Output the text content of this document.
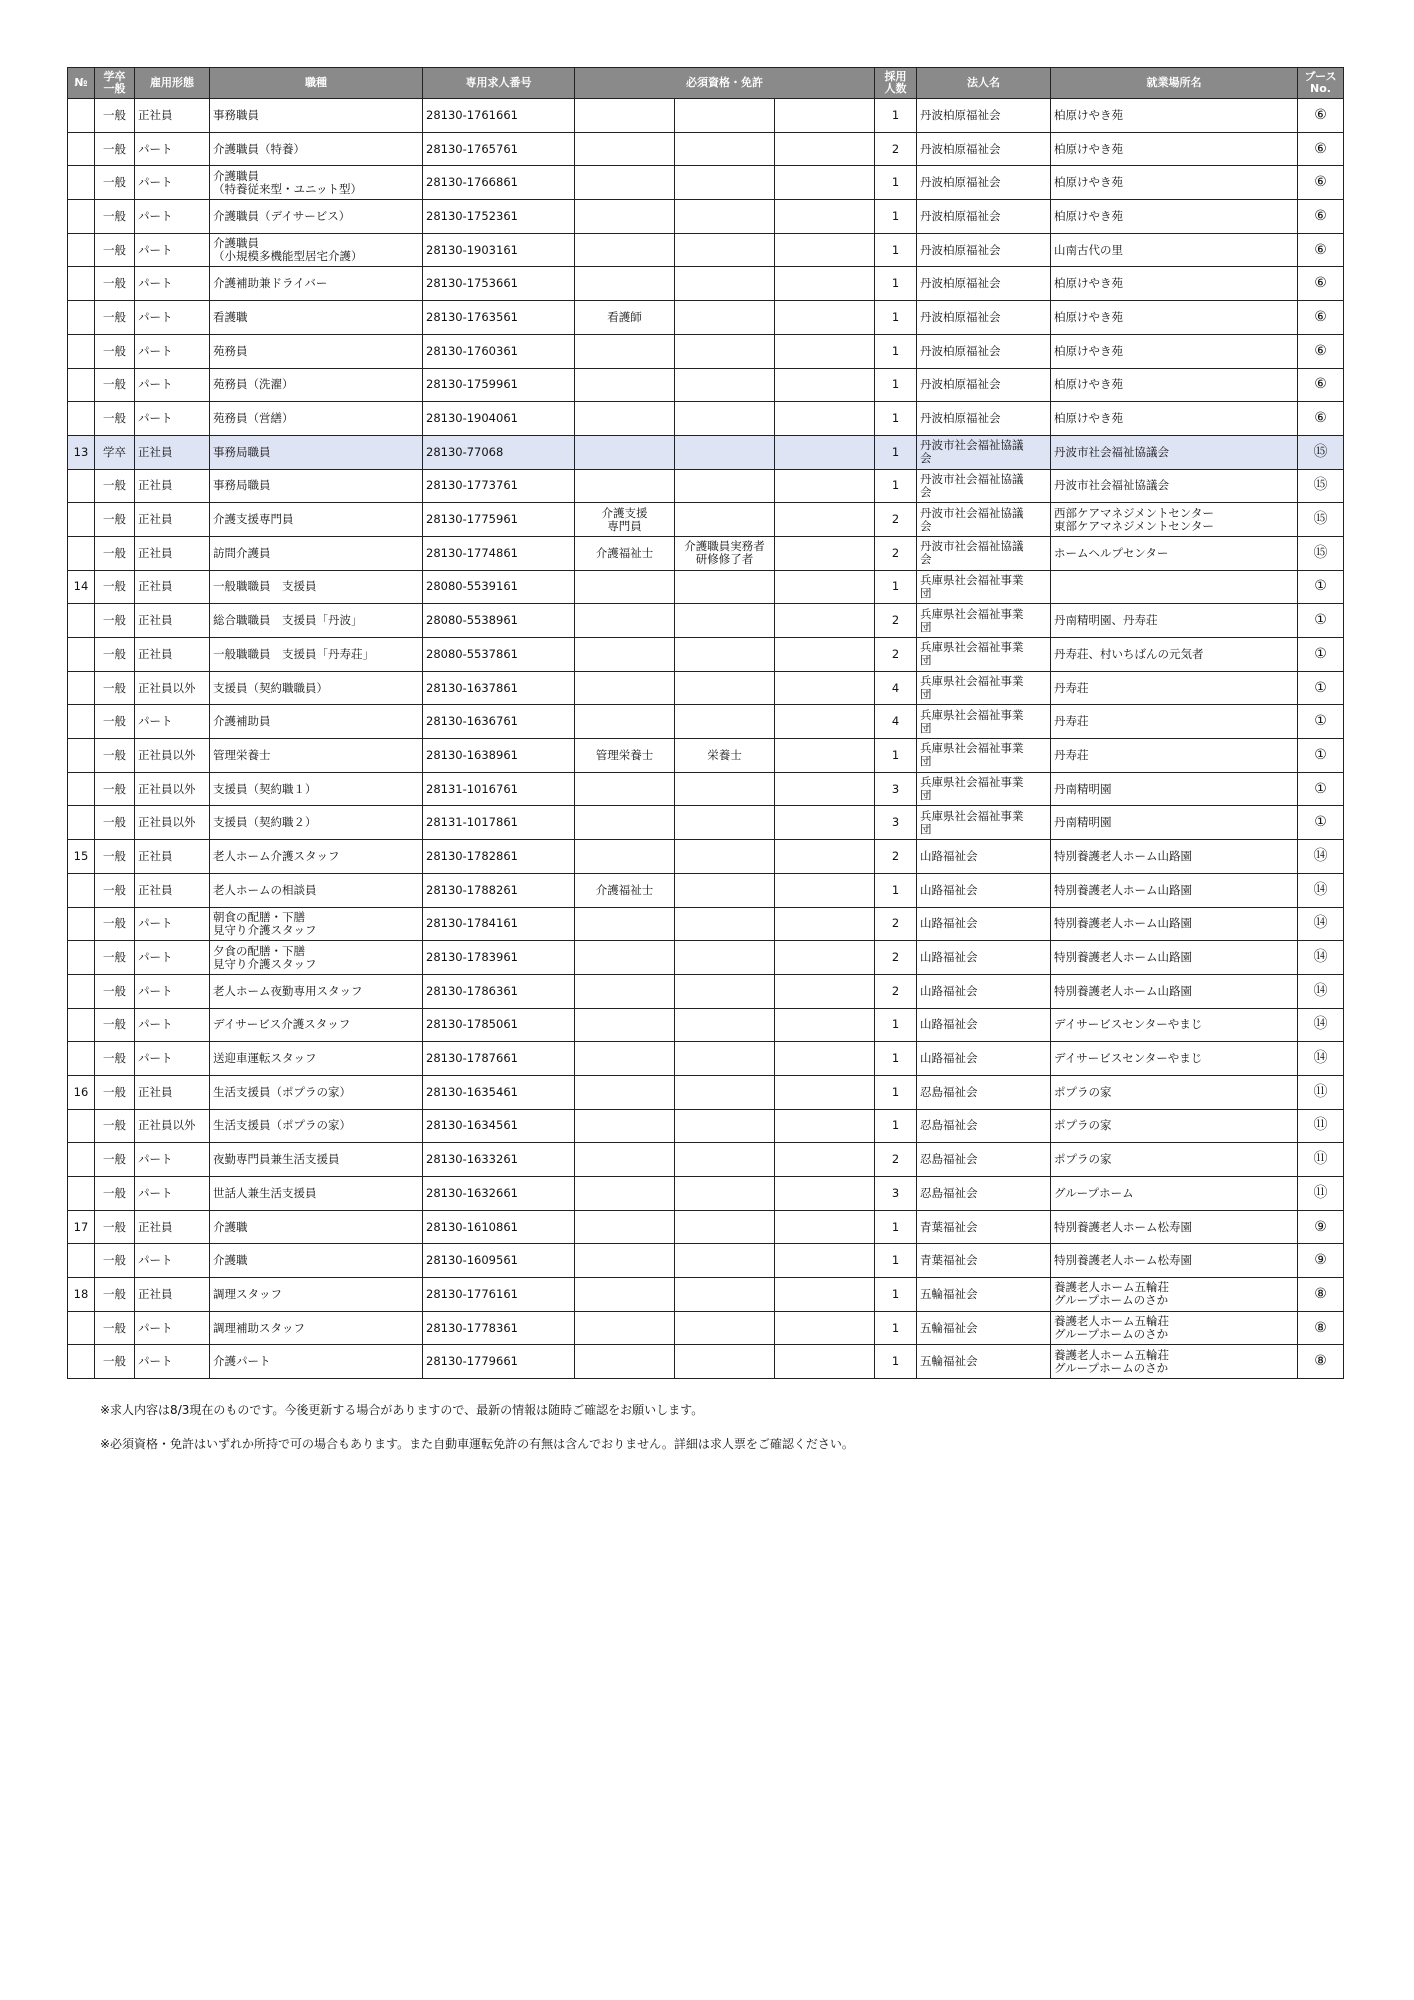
№	学卒
一般	雇用形態	職種	専用求人番号	必須資格・免許			採用
人数	法人名	就業場所名	ブース
No.
	一般	正社員	事務職員	28130-1761661				1	丹波柏原福祉会	柏原けやき苑	⑥
	一般	パート	介護職員（特養）	28130-1765761				2	丹波柏原福祉会	柏原けやき苑	⑥
	一般	パート	介護職員
（特養従来型・ユニット型）	28130-1766861				1	丹波柏原福祉会	柏原けやき苑	⑥
	一般	パート	介護職員（デイサービス）	28130-1752361				1	丹波柏原福祉会	柏原けやき苑	⑥
	一般	パート	介護職員
（小規模多機能型居宅介護）	28130-1903161				1	丹波柏原福祉会	山南古代の里	⑥
	一般	パート	介護補助兼ドライバー	28130-1753661				1	丹波柏原福祉会	柏原けやき苑	⑥
	一般	パート	看護職	28130-1763561	看護師			1	丹波柏原福祉会	柏原けやき苑	⑥
	一般	パート	苑務員	28130-1760361				1	丹波柏原福祉会	柏原けやき苑	⑥
	一般	パート	苑務員（洗濯）	28130-1759961				1	丹波柏原福祉会	柏原けやき苑	⑥
	一般	パート	苑務員（営繕）	28130-1904061				1	丹波柏原福祉会	柏原けやき苑	⑥
13	学卒	正社員	事務局職員	28130-77068				1	丹波市社会福祉協議
会	丹波市社会福祉協議会	⑮
	一般	正社員	事務局職員	28130-1773761				1	丹波市社会福祉協議
会	丹波市社会福祉協議会	⑮
	一般	正社員	介護支援専門員	28130-1775961	介護支援
専門員			2	丹波市社会福祉協議
会	西部ケアマネジメントセンター
東部ケアマネジメントセンター	⑮
	一般	正社員	訪問介護員	28130-1774861	介護福祉士	介護職員実務者
研修修了者		2	丹波市社会福祉協議
会	ホームヘルプセンター	⑮
14	一般	正社員	一般職職員　支援員	28080-5539161				1	兵庫県社会福祉事業
団		①
	一般	正社員	総合職職員　支援員「丹波」	28080-5538961				2	兵庫県社会福祉事業
団	丹南精明園、丹寿荘	①
	一般	正社員	一般職職員　支援員「丹寿荘」	28080-5537861				2	兵庫県社会福祉事業
団	丹寿荘、村いちばんの元気者	①
	一般	正社員以外	支援員（契約職職員）	28130-1637861				4	兵庫県社会福祉事業
団	丹寿荘	①
	一般	パート	介護補助員	28130-1636761				4	兵庫県社会福祉事業
団	丹寿荘	①
	一般	正社員以外	管理栄養士	28130-1638961	管理栄養士	栄養士		1	兵庫県社会福祉事業
団	丹寿荘	①
	一般	正社員以外	支援員（契約職１）	28131-1016761				3	兵庫県社会福祉事業
団	丹南精明園	①
	一般	正社員以外	支援員（契約職２）	28131-1017861				3	兵庫県社会福祉事業
団	丹南精明園	①
15	一般	正社員	老人ホーム介護スタッフ	28130-1782861				2	山路福祉会	特別養護老人ホーム山路園	⑭
	一般	正社員	老人ホームの相談員	28130-1788261	介護福祉士			1	山路福祉会	特別養護老人ホーム山路園	⑭
	一般	パート	朝食の配膳・下膳
見守り介護スタッフ	28130-1784161				2	山路福祉会	特別養護老人ホーム山路園	⑭
	一般	パート	夕食の配膳・下膳
見守り介護スタッフ	28130-1783961				2	山路福祉会	特別養護老人ホーム山路園	⑭
	一般	パート	老人ホーム夜勤専用スタッフ	28130-1786361				2	山路福祉会	特別養護老人ホーム山路園	⑭
	一般	パート	デイサービス介護スタッフ	28130-1785061				1	山路福祉会	デイサービスセンターやまじ	⑭
	一般	パート	送迎車運転スタッフ	28130-1787661				1	山路福祉会	デイサービスセンターやまじ	⑭
16	一般	正社員	生活支援員（ポプラの家）	28130-1635461				1	忍島福祉会	ポプラの家	⑪
	一般	正社員以外	生活支援員（ポプラの家）	28130-1634561				1	忍島福祉会	ポプラの家	⑪
	一般	パート	夜勤専門員兼生活支援員	28130-1633261				2	忍島福祉会	ポプラの家	⑪
	一般	パート	世話人兼生活支援員	28130-1632661				3	忍島福祉会	グループホーム	⑪
17	一般	正社員	介護職	28130-1610861				1	青葉福祉会	特別養護老人ホーム松寿園	⑨
	一般	パート	介護職	28130-1609561				1	青葉福祉会	特別養護老人ホーム松寿園	⑨
18	一般	正社員	調理スタッフ	28130-1776161				1	五輪福祉会	養護老人ホーム五輪荘
グループホームのさか	⑧
	一般	パート	調理補助スタッフ	28130-1778361				1	五輪福祉会	養護老人ホーム五輪荘
グループホームのさか	⑧
	一般	パート	介護パート	28130-1779661				1	五輪福祉会	養護老人ホーム五輪荘
グループホームのさか	⑧

※求人内容は8/3現在のものです。今後更新する場合がありますので、最新の情報は随時ご確認をお願いします。

※必須資格・免許はいずれか所持で可の場合もあります。また自動車運転免許の有無は含んでおりません。詳細は求人票をご確認ください。
